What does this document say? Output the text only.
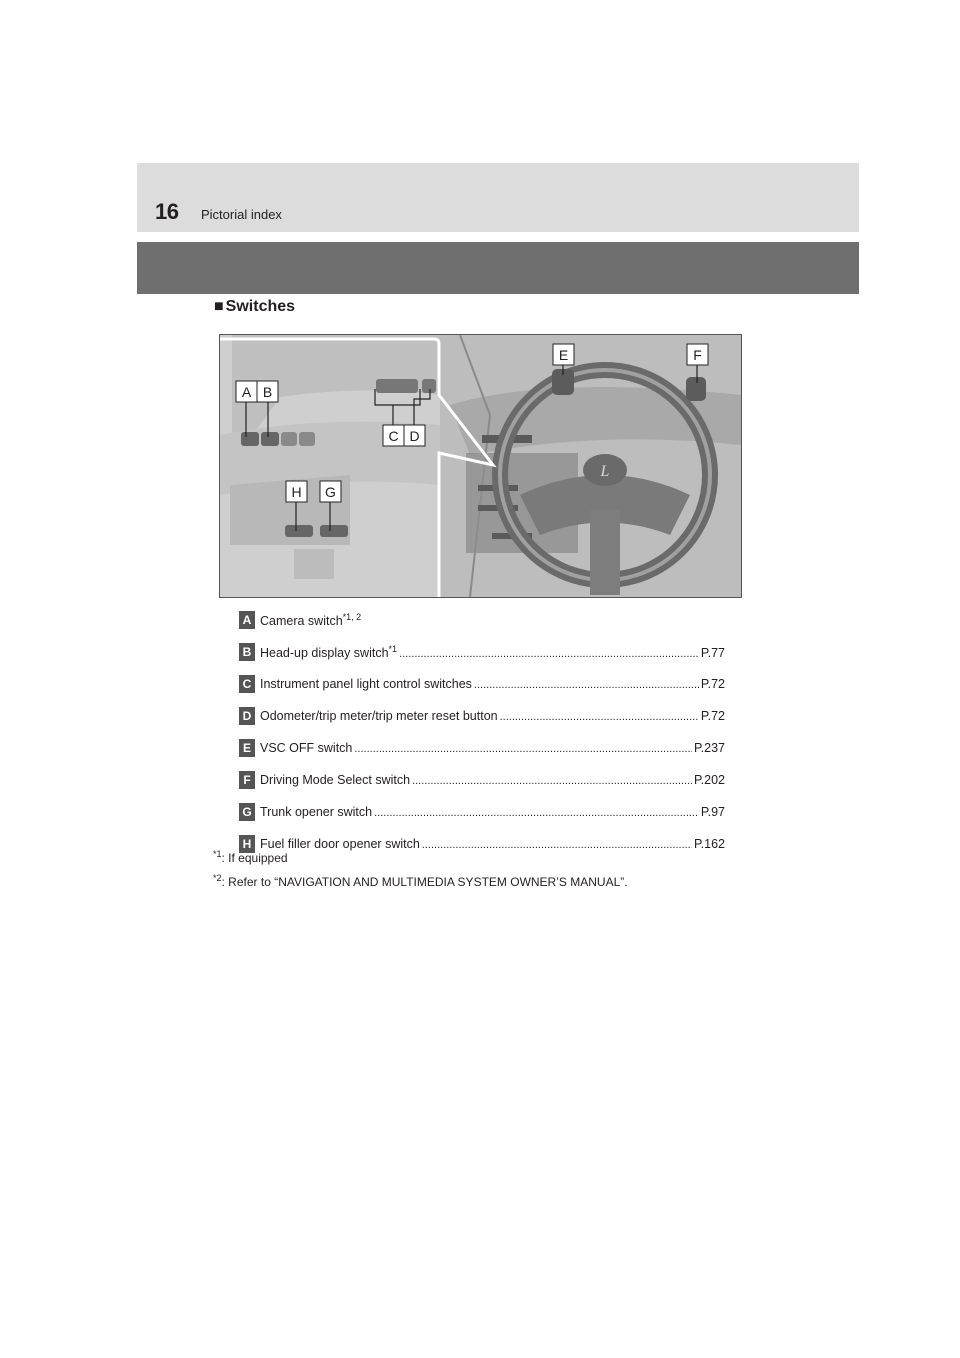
16 Pictorial index
■ Switches
L
A B
C D
E	F
G
H
A Camera switch$^{*1, 2}$
B Head-up display switch$^{*1}$ .....	P.77
C Instrument panel light control switches .....	P.72
D Odometer/trip meter/trip meter reset button .....	P.72
E VSC OFF switch .....	P.237
F Driving Mode Select switch .....	P.202
G Trunk opener switch .....	P.97
H Fuel filler door opener switch .....	P.162
$^{*1}$: If equipped
$^{*2}$: Refer to “NAVIGATION AND MULTIMEDIA SYSTEM OWNER’S MANUAL”.
